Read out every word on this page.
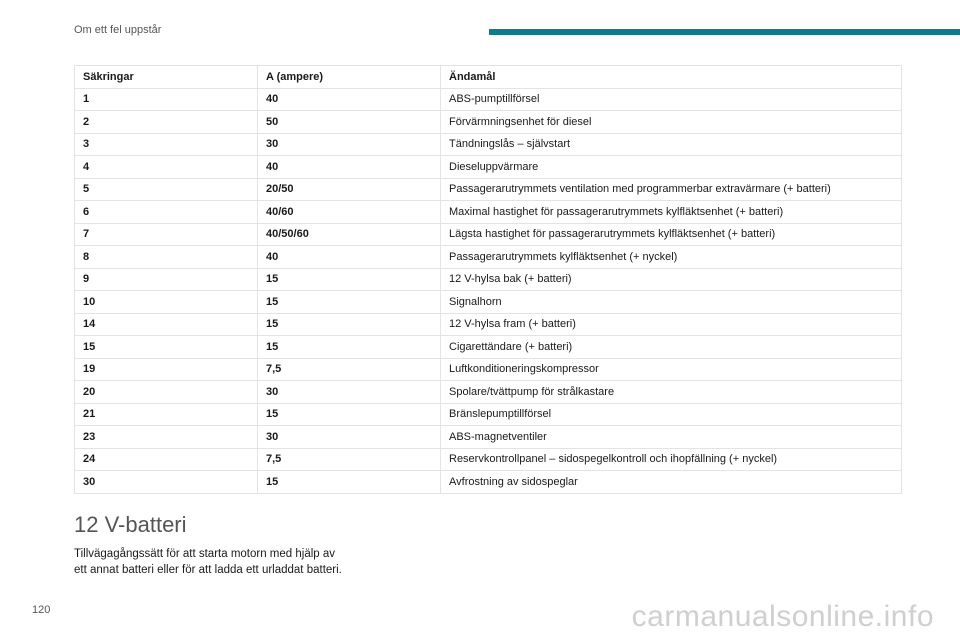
Om ett fel uppstår
Säkringar	A (ampere)	Ändamål
1	40	ABS-pumptillförsel
2	50	Förvärmningsenhet för diesel
3	30	Tändningslås – självstart
4	40	Dieseluppvärmare
5	20/50	Passagerarutrymmets ventilation med programmerbar extravärmare (+ batteri)
6	40/60	Maximal hastighet för passagerarutrymmets kylfläktsenhet (+ batteri)
7	40/50/60	Lägsta hastighet för passagerarutrymmets kylfläktsenhet (+ batteri)
8	40	Passagerarutrymmets kylfläktsenhet (+ nyckel)
9	15	12 V-hylsa bak (+ batteri)
10	15	Signalhorn
14	15	12 V-hylsa fram (+ batteri)
15	15	Cigarettändare (+ batteri)
19	7,5	Luftkonditioneringskompressor
20	30	Spolare/tvättpump för strålkastare
21	15	Bränslepumptillförsel
23	30	ABS-magnetventiler
24	7,5	Reservkontrollpanel – sidospegelkontroll och ihopfällning (+ nyckel)
30	15	Avfrostning av sidospeglar
12 V-batteri

Tillvägagångssätt för att starta motorn med hjälp av ett annat batteri eller för att ladda ett urladdat batteri.

120	carmanualsonline.info
